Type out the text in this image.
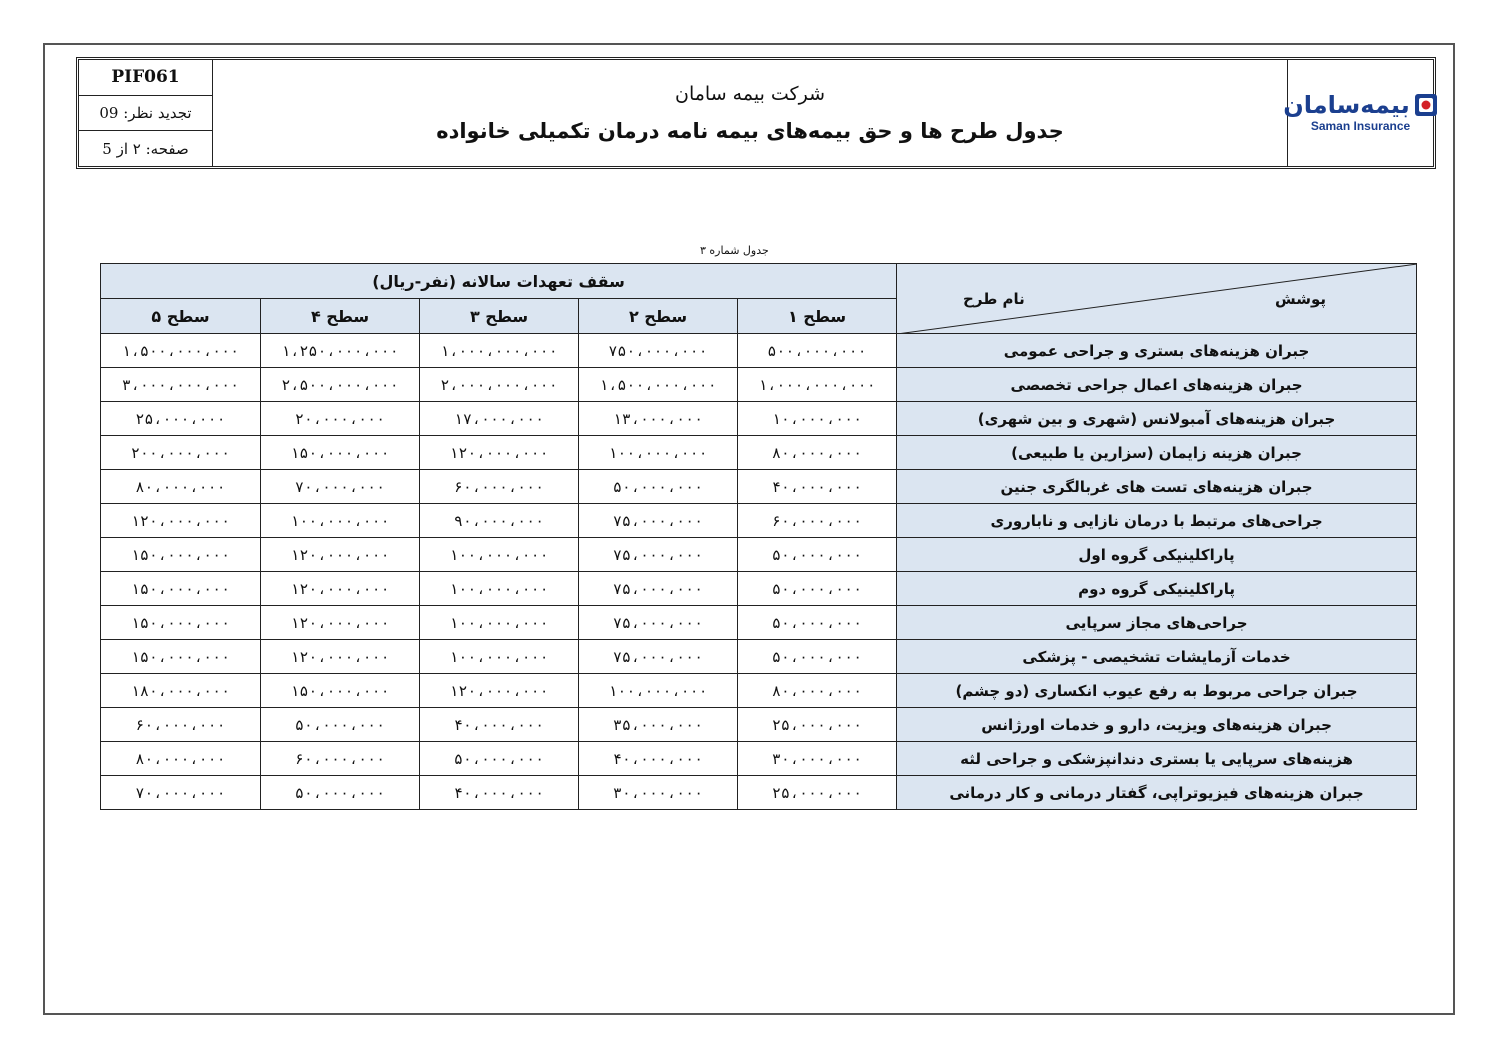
PIF061
تجدید نظر: 09
صفحه: ۲ از 5
شرکت بیمه سامان
جدول طرح ها و حق بیمه‌های بیمه نامه درمان تکمیلی خانواده
بیمه‌سامان
Saman Insurance
جدول شماره ۳
نام طرح پوشش	سقف تعهدات سالانه (نفر-ریال)				
	سطح ۱	سطح ۲	سطح ۳	سطح ۴	سطح ۵
جبران هزینه‌های بستری و جراحی عمومی	۵۰۰،۰۰۰،۰۰۰	۷۵۰،۰۰۰،۰۰۰	۱،۰۰۰،۰۰۰،۰۰۰	۱،۲۵۰،۰۰۰،۰۰۰	۱،۵۰۰،۰۰۰،۰۰۰
جبران هزینه‌های اعمال جراحی تخصصی	۱،۰۰۰،۰۰۰،۰۰۰	۱،۵۰۰،۰۰۰،۰۰۰	۲،۰۰۰،۰۰۰،۰۰۰	۲،۵۰۰،۰۰۰،۰۰۰	۳،۰۰۰،۰۰۰،۰۰۰
جبران هزینه‌های آمبولانس (شهری و بین شهری)	۱۰،۰۰۰،۰۰۰	۱۳،۰۰۰،۰۰۰	۱۷،۰۰۰،۰۰۰	۲۰،۰۰۰،۰۰۰	۲۵،۰۰۰،۰۰۰
جبران هزینه زایمان (سزارین یا طبیعی)	۸۰،۰۰۰،۰۰۰	۱۰۰،۰۰۰،۰۰۰	۱۲۰،۰۰۰،۰۰۰	۱۵۰،۰۰۰،۰۰۰	۲۰۰،۰۰۰،۰۰۰
جبران هزینه‌های تست های غربالگری جنین	۴۰،۰۰۰،۰۰۰	۵۰،۰۰۰،۰۰۰	۶۰،۰۰۰،۰۰۰	۷۰،۰۰۰،۰۰۰	۸۰،۰۰۰،۰۰۰
جراحی‌های مرتبط با درمان نازایی و ناباروری	۶۰،۰۰۰،۰۰۰	۷۵،۰۰۰،۰۰۰	۹۰،۰۰۰،۰۰۰	۱۰۰،۰۰۰،۰۰۰	۱۲۰،۰۰۰،۰۰۰
پاراکلینیکی گروه اول	۵۰،۰۰۰،۰۰۰	۷۵،۰۰۰،۰۰۰	۱۰۰،۰۰۰،۰۰۰	۱۲۰،۰۰۰،۰۰۰	۱۵۰،۰۰۰،۰۰۰
پاراکلینیکی گروه دوم	۵۰،۰۰۰،۰۰۰	۷۵،۰۰۰،۰۰۰	۱۰۰،۰۰۰،۰۰۰	۱۲۰،۰۰۰،۰۰۰	۱۵۰،۰۰۰،۰۰۰
جراحی‌های مجاز سرپایی	۵۰،۰۰۰،۰۰۰	۷۵،۰۰۰،۰۰۰	۱۰۰،۰۰۰،۰۰۰	۱۲۰،۰۰۰،۰۰۰	۱۵۰،۰۰۰،۰۰۰
خدمات آزمایشات تشخیصی - پزشکی	۵۰،۰۰۰،۰۰۰	۷۵،۰۰۰،۰۰۰	۱۰۰،۰۰۰،۰۰۰	۱۲۰،۰۰۰،۰۰۰	۱۵۰،۰۰۰،۰۰۰
جبران جراحی مربوط به رفع عیوب انکساری (دو چشم)	۸۰،۰۰۰،۰۰۰	۱۰۰،۰۰۰،۰۰۰	۱۲۰،۰۰۰،۰۰۰	۱۵۰،۰۰۰،۰۰۰	۱۸۰،۰۰۰،۰۰۰
جبران هزینه‌های ویزیت، دارو و خدمات اورژانس	۲۵،۰۰۰،۰۰۰	۳۵،۰۰۰،۰۰۰	۴۰،۰۰۰،۰۰۰	۵۰،۰۰۰،۰۰۰	۶۰،۰۰۰،۰۰۰
هزینه‌های سرپایی یا بستری دندانپزشکی و جراحی لثه	۳۰،۰۰۰،۰۰۰	۴۰،۰۰۰،۰۰۰	۵۰،۰۰۰،۰۰۰	۶۰،۰۰۰،۰۰۰	۸۰،۰۰۰،۰۰۰
جبران هزینه‌های فیزیوتراپی، گفتار درمانی و کار درمانی	۲۵،۰۰۰،۰۰۰	۳۰،۰۰۰،۰۰۰	۴۰،۰۰۰،۰۰۰	۵۰،۰۰۰،۰۰۰	۷۰،۰۰۰،۰۰۰
